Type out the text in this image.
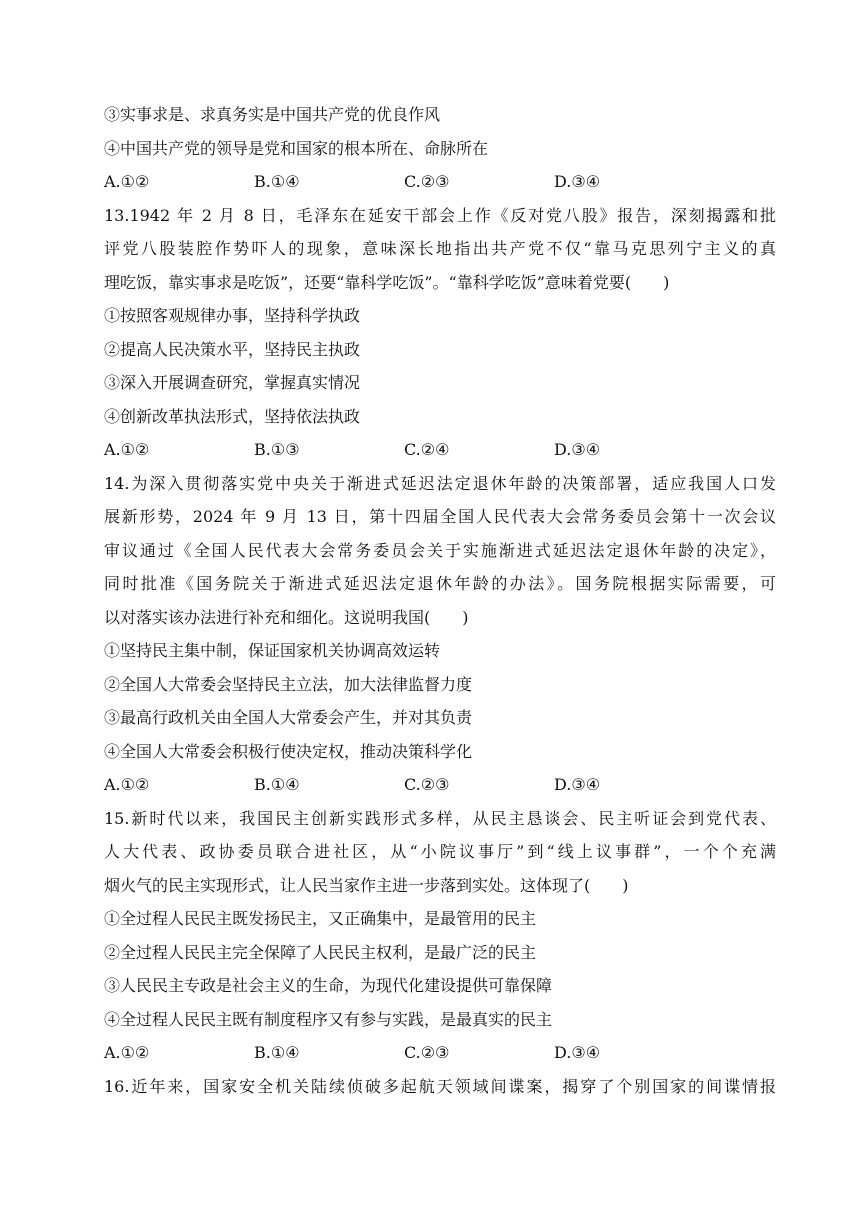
③实事求是、求真务实是中国共产党的优良作风
④中国共产党的领导是党和国家的根本所在、命脉所在
A.①②	B.①④	C.②③	D.③④
13.1942 年 2 月 8 日，毛泽东在延安干部会上作《反对党八股》报告，深刻揭露和批
评党八股装腔作势吓人的现象，意味深长地指出共产党不仅“靠马克思列宁主义的真
理吃饭，靠实事求是吃饭”，还要“靠科学吃饭”。“靠科学吃饭”意味着党要(　　)
①按照客观规律办事，坚持科学执政
②提高人民决策水平，坚持民主执政
③深入开展调查研究，掌握真实情况
④创新改革执法形式，坚持依法执政
A.①②	B.①③	C.②④	D.③④
14.为深入贯彻落实党中央关于渐进式延迟法定退休年龄的决策部署，适应我国人口发
展新形势，2024 年 9 月 13 日，第十四届全国人民代表大会常务委员会第十一次会议
审议通过《全国人民代表大会常务委员会关于实施渐进式延迟法定退休年龄的决定》，
同时批准《国务院关于渐进式延迟法定退休年龄的办法》。国务院根据实际需要，可
以对落实该办法进行补充和细化。这说明我国(　　)
①坚持民主集中制，保证国家机关协调高效运转
②全国人大常委会坚持民主立法，加大法律监督力度
③最高行政机关由全国人大常委会产生，并对其负责
④全国人大常委会积极行使决定权，推动决策科学化
A.①②	B.①④	C.②③	D.③④
15.新时代以来，我国民主创新实践形式多样，从民主恳谈会、民主听证会到党代表、
人大代表、政协委员联合进社区，从“小院议事厅”到“线上议事群”，一个个充满
烟火气的民主实现形式，让人民当家作主进一步落到实处。这体现了(　　)
①全过程人民民主既发扬民主，又正确集中，是最管用的民主
②全过程人民民主完全保障了人民民主权利，是最广泛的民主
③人民民主专政是社会主义的生命，为现代化建设提供可靠保障
④全过程人民民主既有制度程序又有参与实践，是最真实的民主
A.①②	B.①④	C.②③	D.③④
16.近年来，国家安全机关陆续侦破多起航天领域间谍案，揭穿了个别国家的间谍情报
